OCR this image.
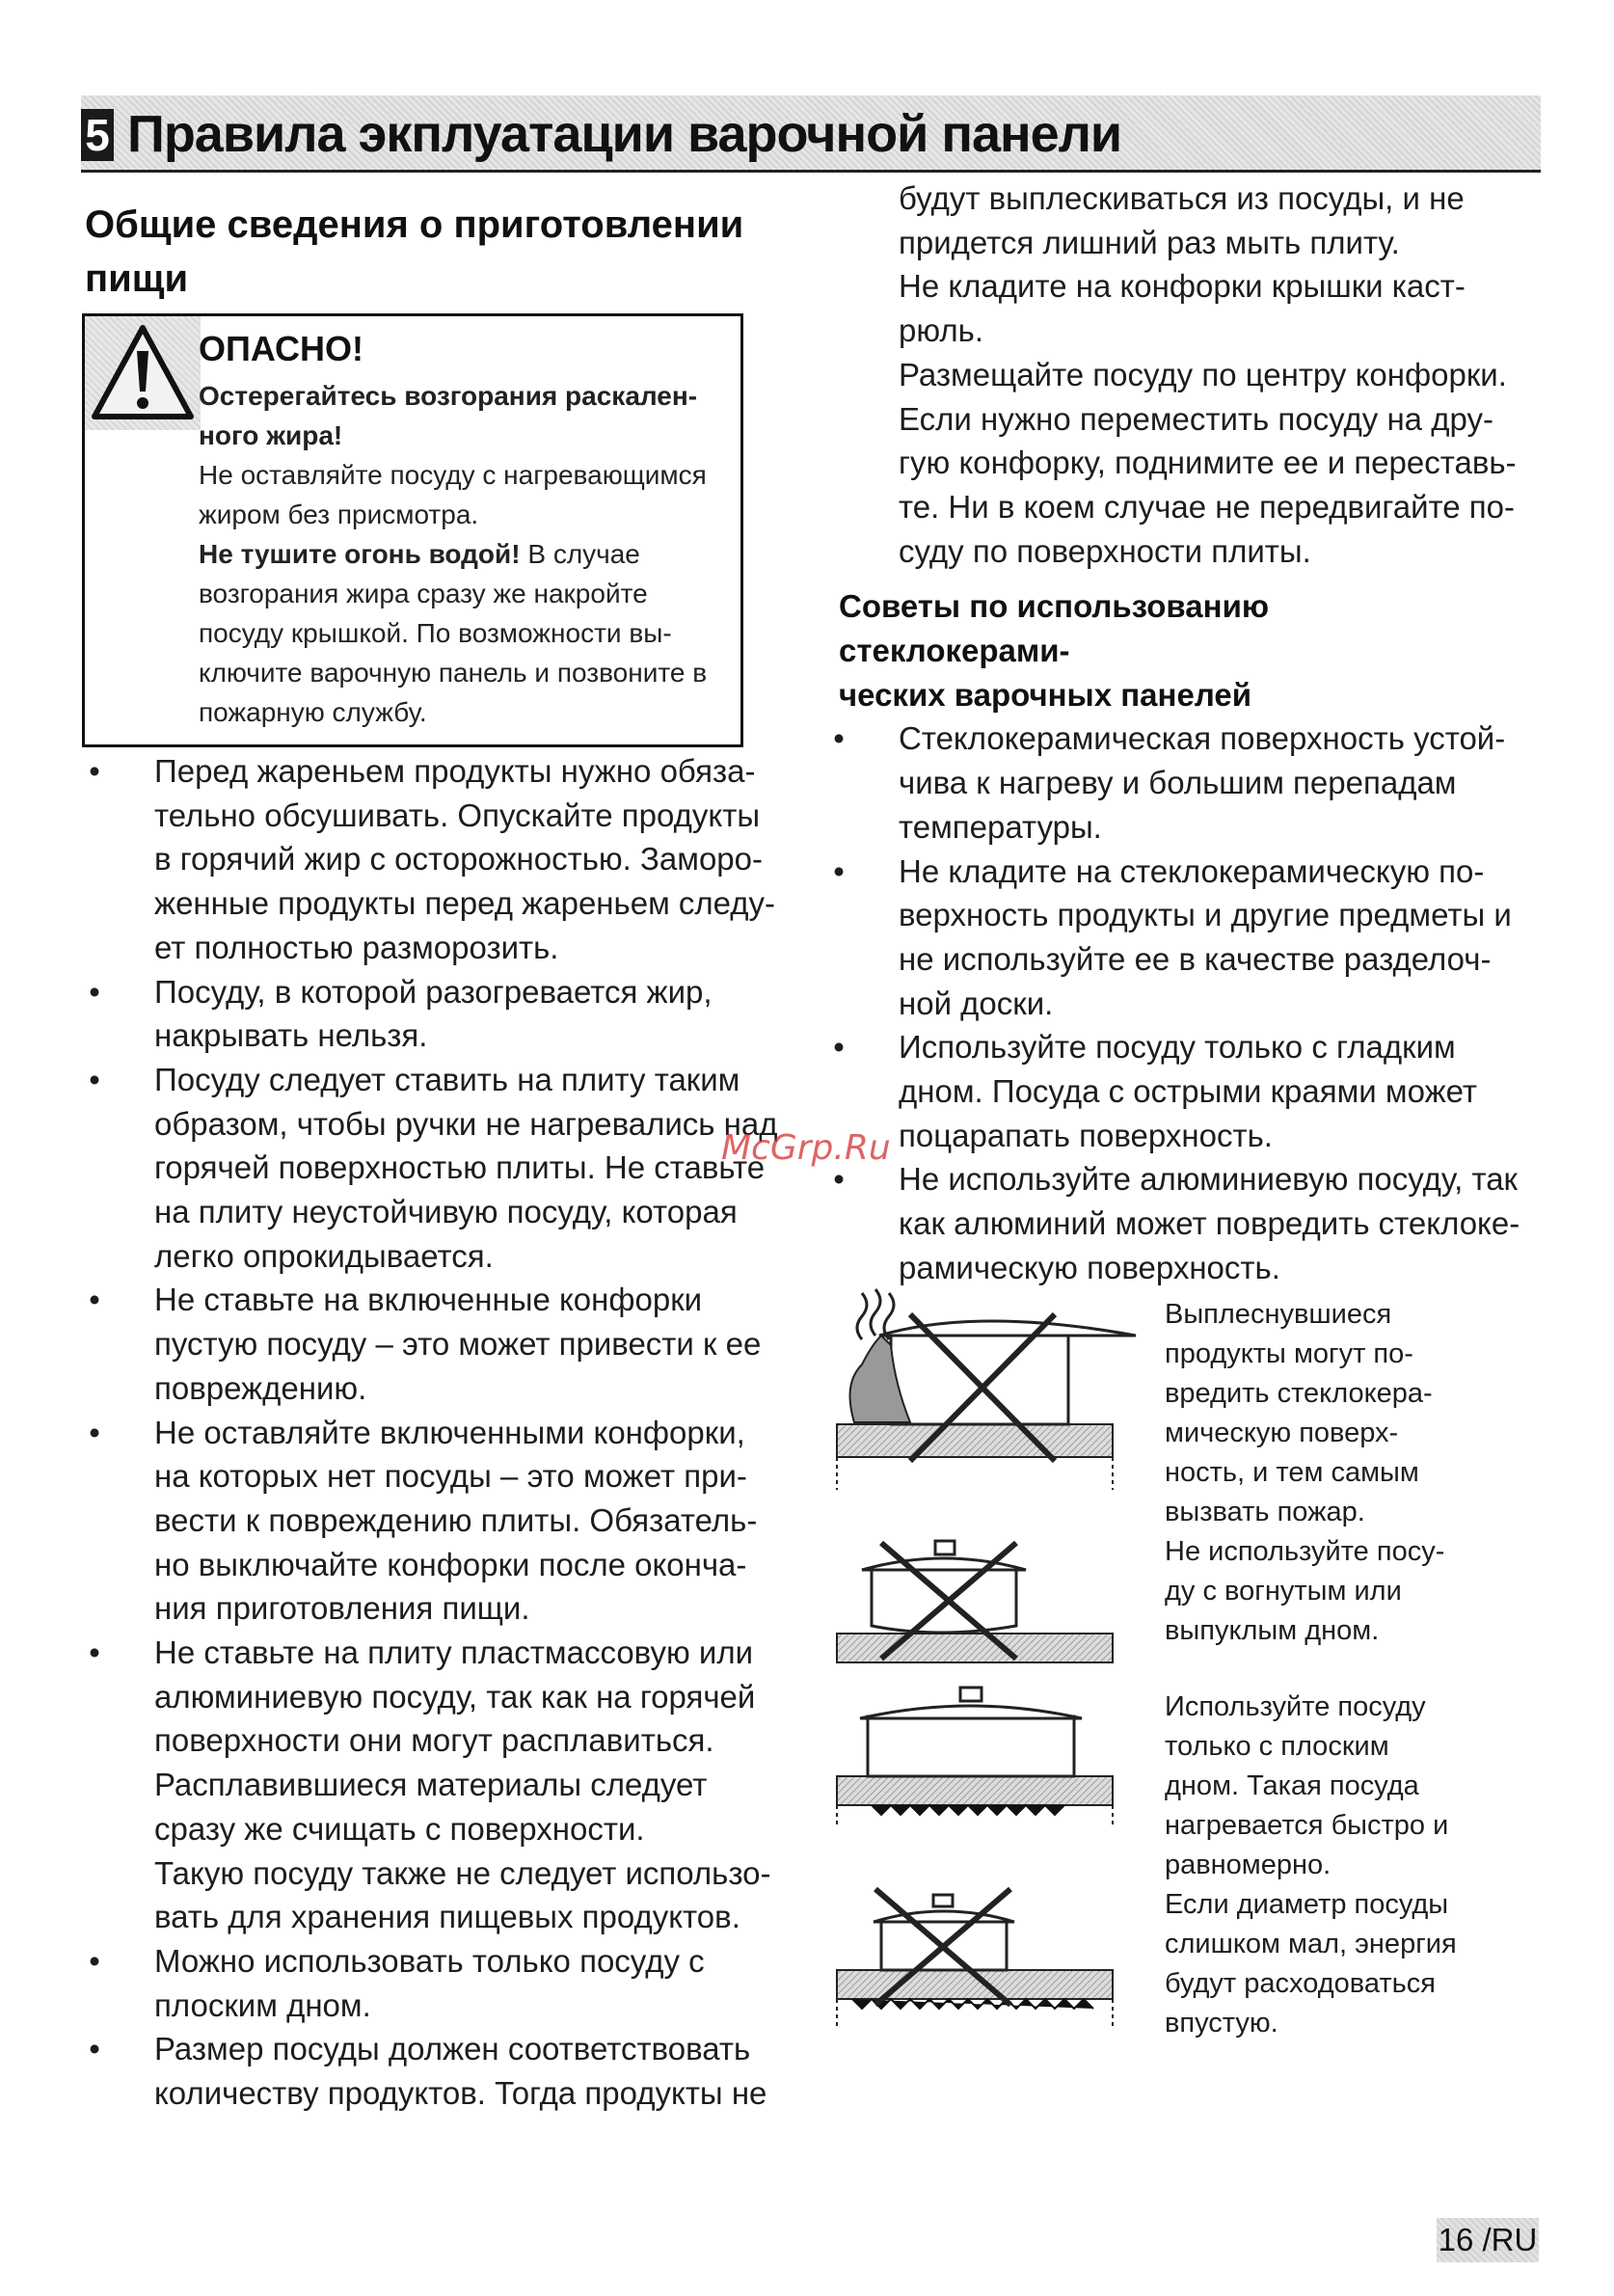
5 Правила экплуатации варочной панели
Общие сведения о приготовлении
пищи
ОПАСНО!
Остерегайтесь возгорания раскален-
ного жира!
Не оставляйте посуду с нагревающимся
жиром без присмотра.
Не тушите огонь водой! В случае
возгорания жира сразу же накройте
посуду крышкой. По возможности вы-
ключите варочную панель и позвоните в
пожарную службу.
• Перед жареньем продукты нужно обяза-
тельно обсушивать. Опускайте продукты
в горячий жир с осторожностью. Заморо-
женные продукты перед жареньем следу-
ет полностью разморозить.
• Посуду, в которой разогревается жир,
накрывать нельзя.
• Посуду следует ставить на плиту таким
образом, чтобы ручки не нагревались над
горячей поверхностью плиты. Не ставьте
на плиту неустойчивую посуду, которая
легко опрокидывается.
• Не ставьте на включенные конфорки
пустую посуду – это может привести к ее
повреждению.
• Не оставляйте включенными конфорки,
на которых нет посуды – это может при-
вести к повреждению плиты. Обязатель-
но выключайте конфорки после оконча-
ния приготовления пищи.
• Не ставьте на плиту пластмассовую или
алюминиевую посуду, так как на горячей
поверхности они могут расплавиться.
Расплавившиеся материалы следует
сразу же счищать с поверхности.
Такую посуду также не следует использо-
вать для хранения пищевых продуктов.
• Можно использовать только посуду с
плоским дном.
• Размер посуды должен соответствовать
количеству продуктов. Тогда продукты не
будут выплескиваться из посуды, и не
придется лишний раз мыть плиту.
Не кладите на конфорки крышки каст-
рюль.
Размещайте посуду по центру конфорки.
Если нужно переместить посуду на дру-
гую конфорку, поднимите ее и переставь-
те. Ни в коем случае не передвигайте по-
суду по поверхности плиты.
Советы по использованию стеклокерами-
ческих варочных панелей
• Стеклокерамическая поверхность устой-
чива к нагреву и большим перепадам
температуры.
• Не кладите на стеклокерамическую по-
верхность продукты и другие предметы и
не используйте ее в качестве разделоч-
ной доски.
• Используйте посуду только с гладким
дном. Посуда с острыми краями может
поцарапать поверхность.
• Не используйте алюминиевую посуду, так
как алюминий может повредить стеклоке-
рамическую поверхность.
Выплеснувшиеся
продукты могут по-
вредить стеклокера-
мическую поверх-
ность, и тем самым
вызвать пожар.
Не используйте посу-
ду с вогнутым или
выпуклым дном.
Используйте посуду
только с плоским
дном. Такая посуда
нагревается быстро и
равномерно.
Если диаметр посуды
слишком мал, энергия
будут расходоваться
впустую.
McGrp.Ru
16 /RU
